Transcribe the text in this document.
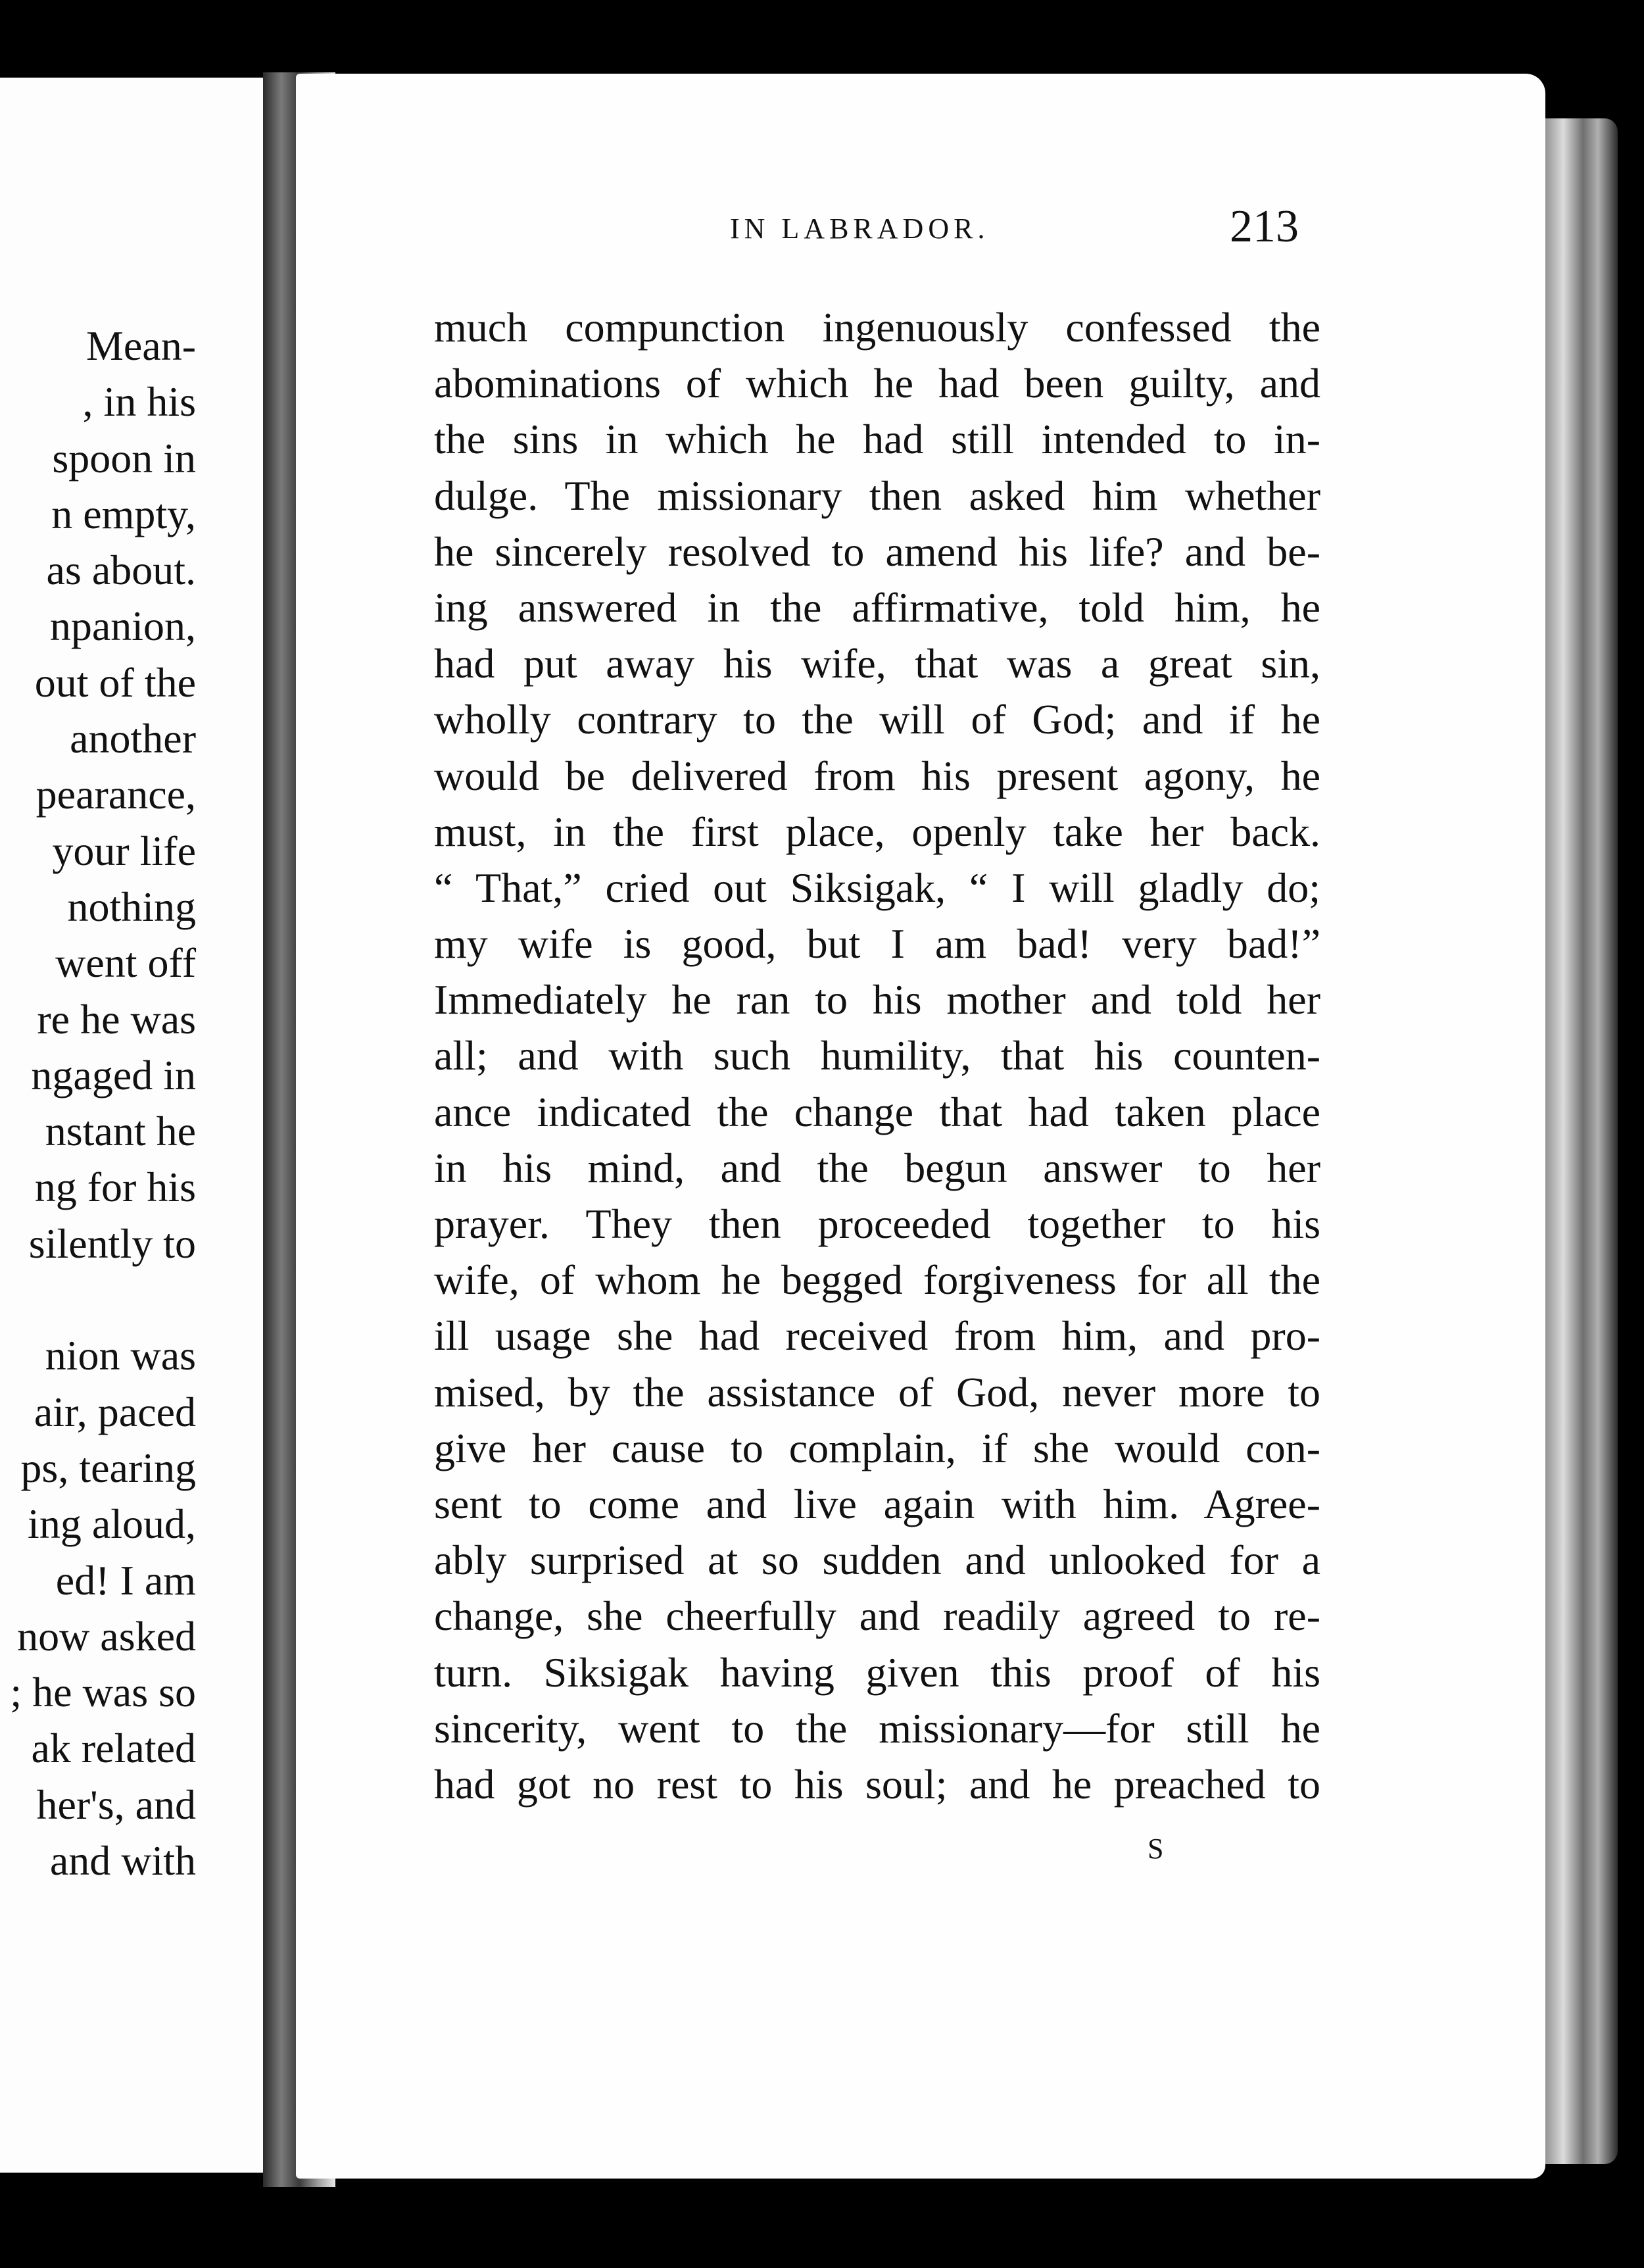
Mean-
, in his
spoon in
n empty,
as about.
npanion,
out of the
another
pearance,
your life
nothing
went off
re he was
ngaged in
nstant he
ng for his
silently to
nion was
air, paced
ps, tearing
ing aloud,
ed! I am
now asked
; he was so
ak related
her's, and
and with
IN LABRADOR.	213
much compunction ingenuously confessed the
abominations of which he had been guilty, and
the sins in which he had still intended to in-
dulge. The missionary then asked him whether
he sincerely resolved to amend his life? and be-
ing answered in the affirmative, told him, he
had put away his wife, that was a great sin,
wholly contrary to the will of God; and if he
would be delivered from his present agony, he
must, in the first place, openly take her back.
“ That,” cried out Siksigak, “ I will gladly do;
my wife is good, but I am bad! very bad!”
Immediately he ran to his mother and told her
all; and with such humility, that his counten-
ance indicated the change that had taken place
in his mind, and the begun answer to her
prayer. They then proceeded together to his
wife, of whom he begged forgiveness for all the
ill usage she had received from him, and pro-
mised, by the assistance of God, never more to
give her cause to complain, if she would con-
sent to come and live again with him. Agree-
ably surprised at so sudden and unlooked for a
change, she cheerfully and readily agreed to re-
turn. Siksigak having given this proof of his
sincerity, went to the missionary—for still he
had got no rest to his soul; and he preached to
S
